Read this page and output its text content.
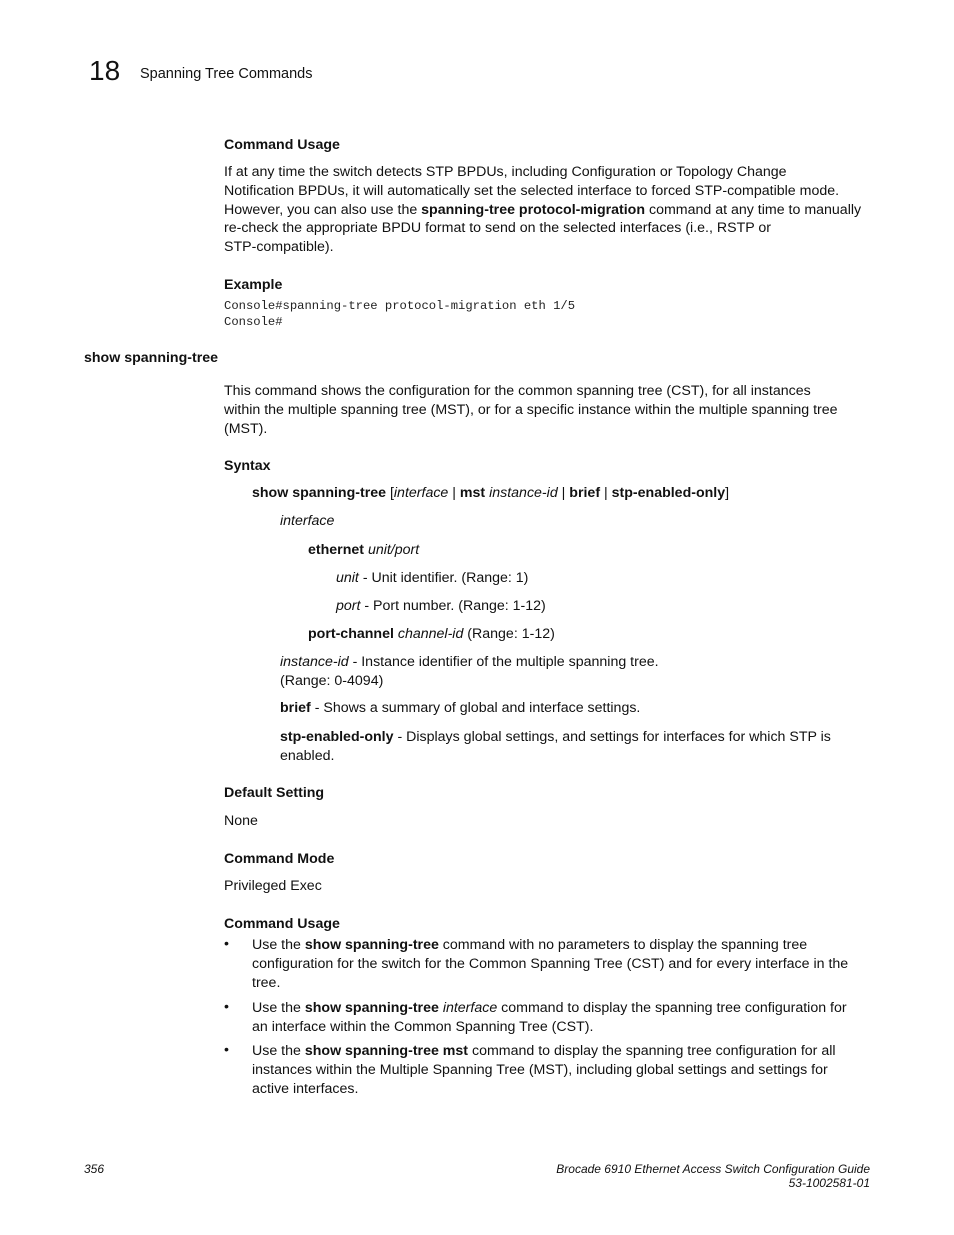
18 Spanning Tree Commands
Command Usage
If at any time the switch detects STP BPDUs, including Configuration or Topology Change
Notification BPDUs, it will automatically set the selected interface to forced STP-compatible mode.
However, you can also use the spanning-tree protocol-migration command at any time to manually
re-check the appropriate BPDU format to send on the selected interfaces (i.e., RSTP or
STP-compatible).
Example
Console#spanning-tree protocol-migration eth 1/5
Console#
show spanning-tree
This command shows the configuration for the common spanning tree (CST), for all instances
within the multiple spanning tree (MST), or for a specific instance within the multiple spanning tree
(MST).
Syntax
show spanning-tree [interface | mst instance-id | brief | stp-enabled-only]
interface
ethernet unit/port
unit - Unit identifier. (Range: 1)
port - Port number. (Range: 1-12)
port-channel channel-id (Range: 1-12)
instance-id - Instance identifier of the multiple spanning tree.
(Range: 0-4094)
brief - Shows a summary of global and interface settings.
stp-enabled-only - Displays global settings, and settings for interfaces for which STP is
enabled.
Default Setting
None
Command Mode
Privileged Exec
Command Usage
• Use the show spanning-tree command with no parameters to display the spanning tree
configuration for the switch for the Common Spanning Tree (CST) and for every interface in the
tree.
• Use the show spanning-tree interface command to display the spanning tree configuration for
an interface within the Common Spanning Tree (CST).
• Use the show spanning-tree mst command to display the spanning tree configuration for all
instances within the Multiple Spanning Tree (MST), including global settings and settings for
active interfaces.
356	Brocade 6910 Ethernet Access Switch Configuration Guide
53-1002581-01
